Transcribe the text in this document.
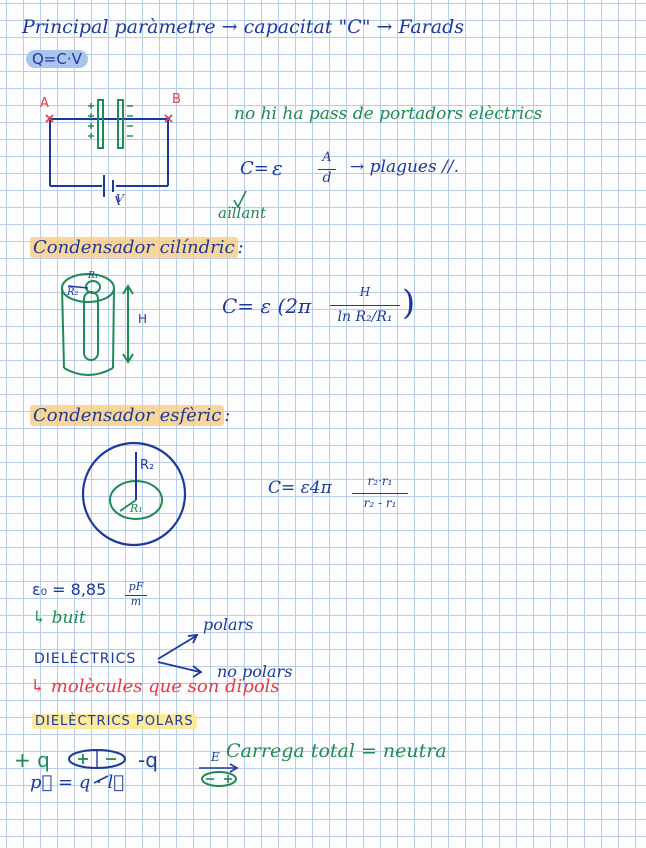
Principal paràmetre → capacitat "C" → Farads
Q=C·V
A	B
V
no hi ha pass de portadors elèctrics
C= ε	A
d
→ plagues //.
aïllant
Condensador cilíndric :
R₁
R₂
H
C= ε (2π
H
ln R₂/R₁ )
Condensador esfèric :
R₂
R₁
C= ε4π	r₂·r₁
r₂ - r₁
ε₀ = 8,85	pF
m
↳ buit
DIELÈCTRICS
polars
no polars
↳ molècules que son dipols
DIELÈCTRICS POLARS
+ q	-q	Carrega total = neutra
p⃗ = q · l⃗
E
